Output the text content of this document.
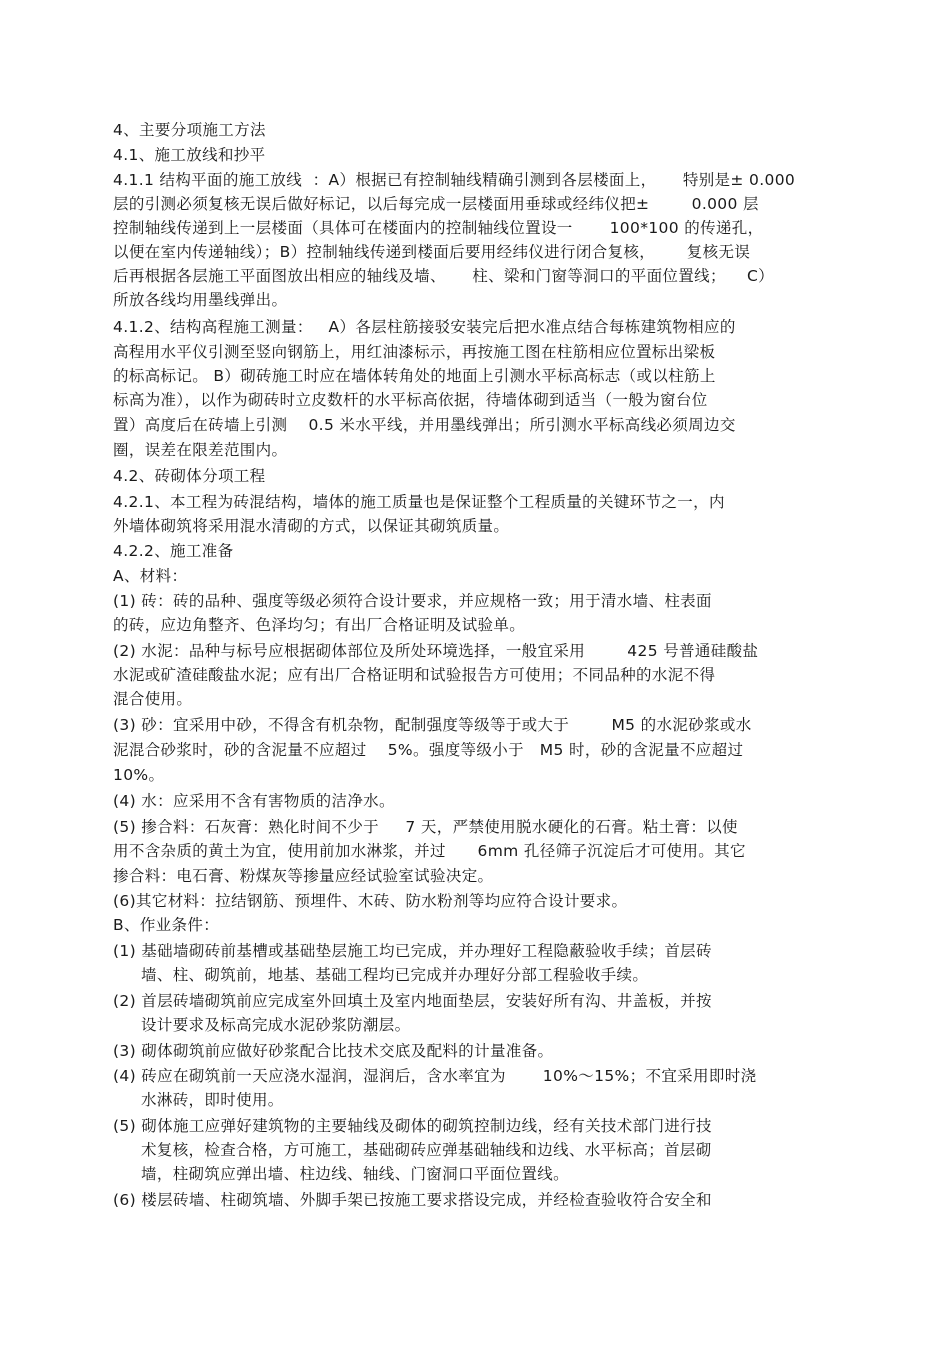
4、主要分项施工方法
4.1、施工放线和抄平
4.1.1 结构平面的施工放线  ：A）根据已有控制轴线精确引测到各层楼面上，     特别是± 0.000
层的引测必须复核无误后做好标记，以后每完成一层楼面用垂球或经纬仪把±        0.000 层
控制轴线传递到上一层楼面（具体可在楼面内的控制轴线位置设一       100*100 的传递孔，
以便在室内传递轴线）；B）控制轴线传递到楼面后要用经纬仪进行闭合复核，      复核无误
后再根据各层施工平面图放出相应的轴线及墙、     柱、梁和门窗等洞口的平面位置线；    C）
所放各线均用墨线弹出。
4.1.2、结构高程施工测量：   A）各层柱筋接驳安装完后把水准点结合每栋建筑物相应的
高程用水平仪引测至竖向钢筋上，用红油漆标示，再按施工图在柱筋相应位置标出梁板
的标高标记。 B）砌砖施工时应在墙体转角处的地面上引测水平标高标志（或以柱筋上
标高为准），以作为砌砖时立皮数杆的水平标高依据，待墙体砌到适当（一般为窗台位
置）高度后在砖墙上引测    0.5 米水平线，并用墨线弹出；所引测水平标高线必须周边交
圈，误差在限差范围内。
4.2、砖砌体分项工程
4.2.1、本工程为砖混结构，墙体的施工质量也是保证整个工程质量的关键环节之一，内
外墙体砌筑将采用混水清砌的方式，以保证其砌筑质量。
4.2.2、施工准备
A、材料：
(1) 砖：砖的品种、强度等级必须符合设计要求，并应规格一致；用于清水墙、柱表面
的砖，应边角整齐、色泽均匀；有出厂合格证明及试验单。
(2) 水泥：品种与标号应根据砌体部位及所处环境选择，一般宜采用        425 号普通硅酸盐
水泥或矿渣硅酸盐水泥；应有出厂合格证明和试验报告方可使用；不同品种的水泥不得
混合使用。
(3) 砂：宜采用中砂，不得含有机杂物，配制强度等级等于或大于        M5 的水泥砂浆或水
泥混合砂浆时，砂的含泥量不应超过    5%。强度等级小于   M5 时，砂的含泥量不应超过
10%。
(4) 水：应采用不含有害物质的洁净水。
(5) 掺合料：石灰膏：熟化时间不少于     7 天，严禁使用脱水硬化的石膏。粘土膏：以使
用不含杂质的黄土为宜，使用前加水淋浆，并过      6mm 孔径筛子沉淀后才可使用。其它
掺合料：电石膏、粉煤灰等掺量应经试验室试验决定。
(6)其它材料：拉结钢筋、预埋件、木砖、防水粉剂等均应符合设计要求。
B、作业条件：
(1) 基础墙砌砖前基槽或基础垫层施工均已完成，并办理好工程隐蔽验收手续；首层砖
墙、柱、砌筑前，地基、基础工程均已完成并办理好分部工程验收手续。
(2) 首层砖墙砌筑前应完成室外回填土及室内地面垫层，安装好所有沟、井盖板，并按
设计要求及标高完成水泥砂浆防潮层。
(3) 砌体砌筑前应做好砂浆配合比技术交底及配料的计量准备。
(4) 砖应在砌筑前一天应浇水湿润，湿润后，含水率宜为       10%～15%；不宜采用即时浇
水淋砖，即时使用。
(5) 砌体施工应弹好建筑物的主要轴线及砌体的砌筑控制边线，经有关技术部门进行技
术复核，检查合格，方可施工，基础砌砖应弹基础轴线和边线、水平标高；首层砌
墙，柱砌筑应弹出墙、柱边线、轴线、门窗洞口平面位置线。
(6) 楼层砖墙、柱砌筑墙、外脚手架已按施工要求搭设完成，并经检查验收符合安全和
